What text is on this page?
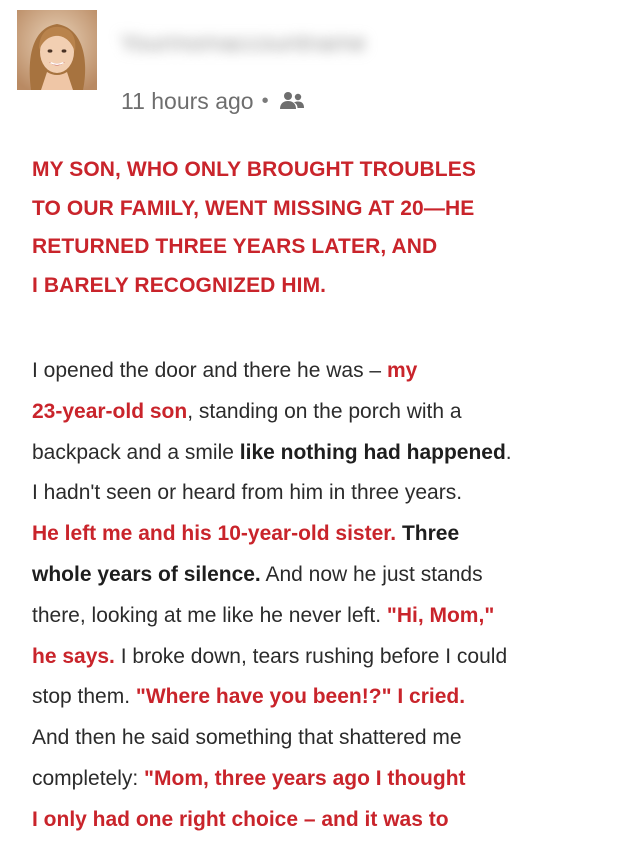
Yourmomaccountname
11 hours ago •
MY SON, WHO ONLY BROUGHT TROUBLES
TO OUR FAMILY, WENT MISSING AT 20—HE
RETURNED THREE YEARS LATER, AND
I BARELY RECOGNIZED HIM.
I opened the door and there he was – my
23-year-old son, standing on the porch with a
backpack and a smile like nothing had happened.
I hadn't seen or heard from him in three years.
He left me and his 10-year-old sister. Three
whole years of silence. And now he just stands
there, looking at me like he never left. "Hi, Mom,"
he says. I broke down, tears rushing before I could
stop them. "Where have you been!?" I cried.
And then he said something that shattered me
completely: "Mom, three years ago I thought
I only had one right choice – and it was to
